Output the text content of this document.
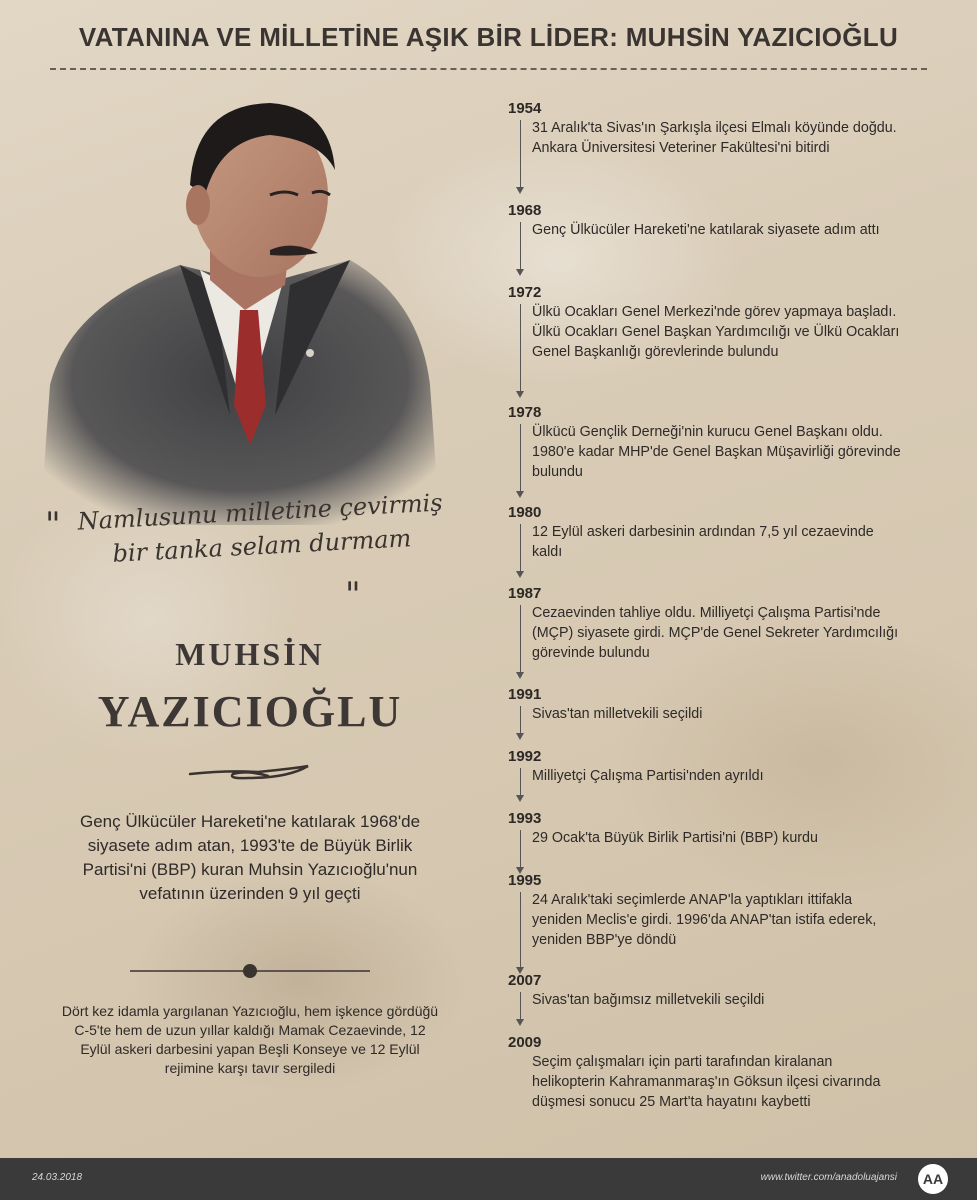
VATANINA VE MİLLETİNE AŞIK BİR LİDER: MUHSİN YAZICIOĞLU
" Namlusunu milletine çevirmiş bir tanka selam durmam
"
MUHSİN
YAZICIOĞLU
Genç Ülkücüler Hareketi'ne katılarak 1968'de siyasete adım atan, 1993'te de Büyük Birlik Partisi'ni (BBP) kuran Muhsin Yazıcıoğlu'nun vefatının üzerinden 9 yıl geçti
Dört kez idamla yargılanan Yazıcıoğlu, hem işkence gördüğü C-5'te hem de uzun yıllar kaldığı Mamak Cezaevinde, 12 Eylül askeri darbesini yapan Beşli Konseye ve 12 Eylül rejimine karşı tavır sergiledi
1954
31 Aralık'ta Sivas'ın Şarkışla ilçesi Elmalı köyünde doğdu. Ankara Üniversitesi Veteriner Fakültesi'ni bitirdi
1968
Genç Ülkücüler Hareketi'ne katılarak siyasete adım attı
1972
Ülkü Ocakları Genel Merkezi'nde görev yapmaya başladı. Ülkü Ocakları Genel Başkan Yardımcılığı ve Ülkü Ocakları Genel Başkanlığı görevlerinde bulundu
1978
Ülkücü Gençlik Derneği'nin kurucu Genel Başkanı oldu. 1980'e kadar MHP'de Genel Başkan Müşavirliği görevinde bulundu
1980
12 Eylül askeri darbesinin ardından 7,5 yıl cezaevinde kaldı
1987
Cezaevinden tahliye oldu. Milliyetçi Çalışma Partisi'nde (MÇP) siyasete girdi. MÇP'de Genel Sekreter Yardımcılığı görevinde bulundu
1991
Sivas'tan milletvekili seçildi
1992
Milliyetçi Çalışma Partisi'nden ayrıldı
1993
29 Ocak'ta Büyük Birlik Partisi'ni (BBP) kurdu
1995
24 Aralık'taki seçimlerde ANAP'la yaptıkları ittifakla yeniden Meclis'e girdi. 1996'da ANAP'tan istifa ederek, yeniden BBP'ye döndü
2007
Sivas'tan bağımsız milletvekili seçildi
2009
Seçim çalışmaları için parti tarafından kiralanan helikopterin Kahramanmaraş'ın Göksun ilçesi civarında düşmesi sonucu 25 Mart'ta hayatını kaybetti
24.03.2018	www.twitter.com/anadoluajansi AA
